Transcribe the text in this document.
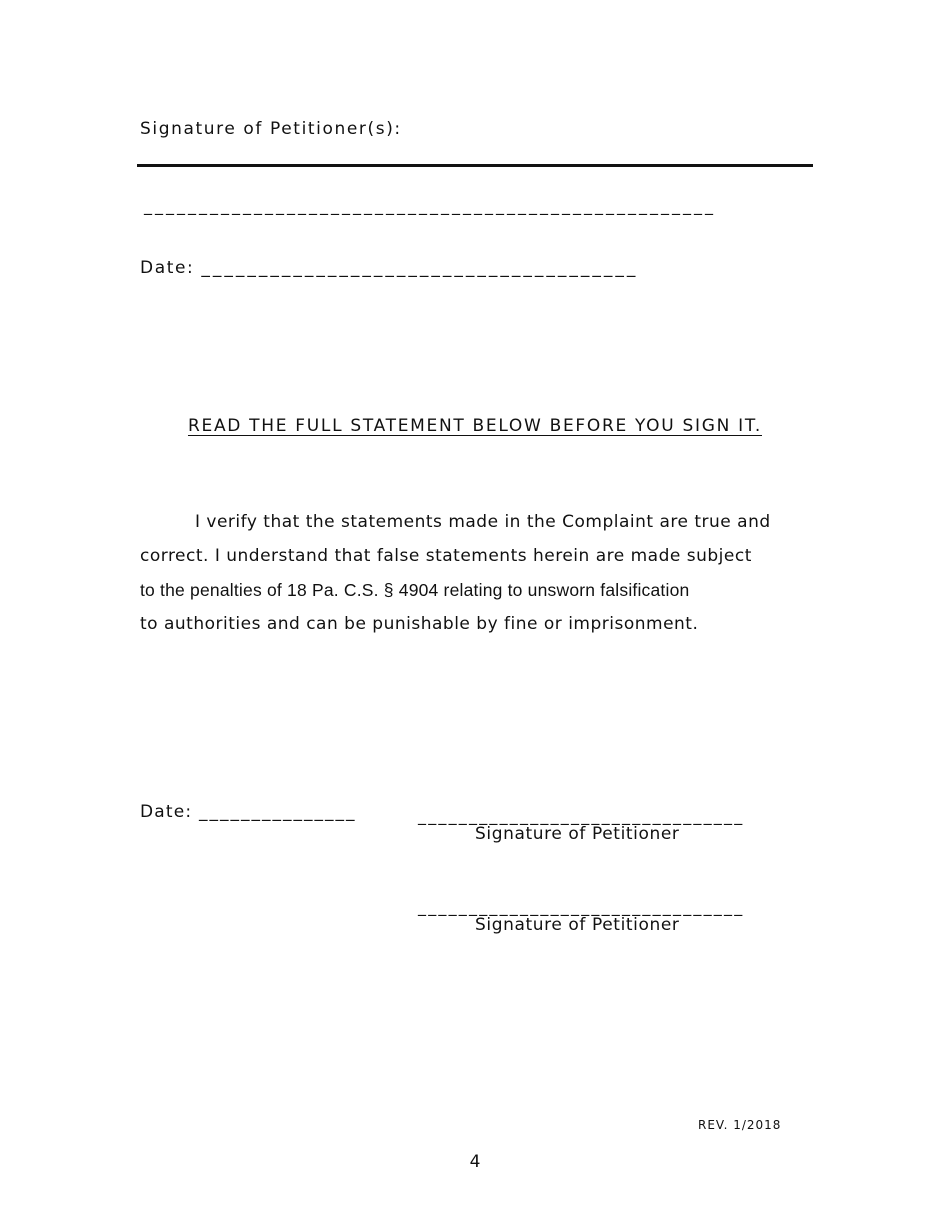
Signature of Petitioner(s):
____________________________________________________
Date: ______________________________________
READ THE FULL STATEMENT BELOW BEFORE YOU SIGN IT.
I verify that the statements made in the Complaint are true and
correct. I understand that false statements herein are made subject
to the penalties of 18 Pa. C.S. § 4904 relating to unsworn falsification
to authorities and can be punishable by fine or imprisonment.
Date: _______________	________________________________
Signature of Petitioner
________________________________
Signature of Petitioner
REV. 1/2018
4
